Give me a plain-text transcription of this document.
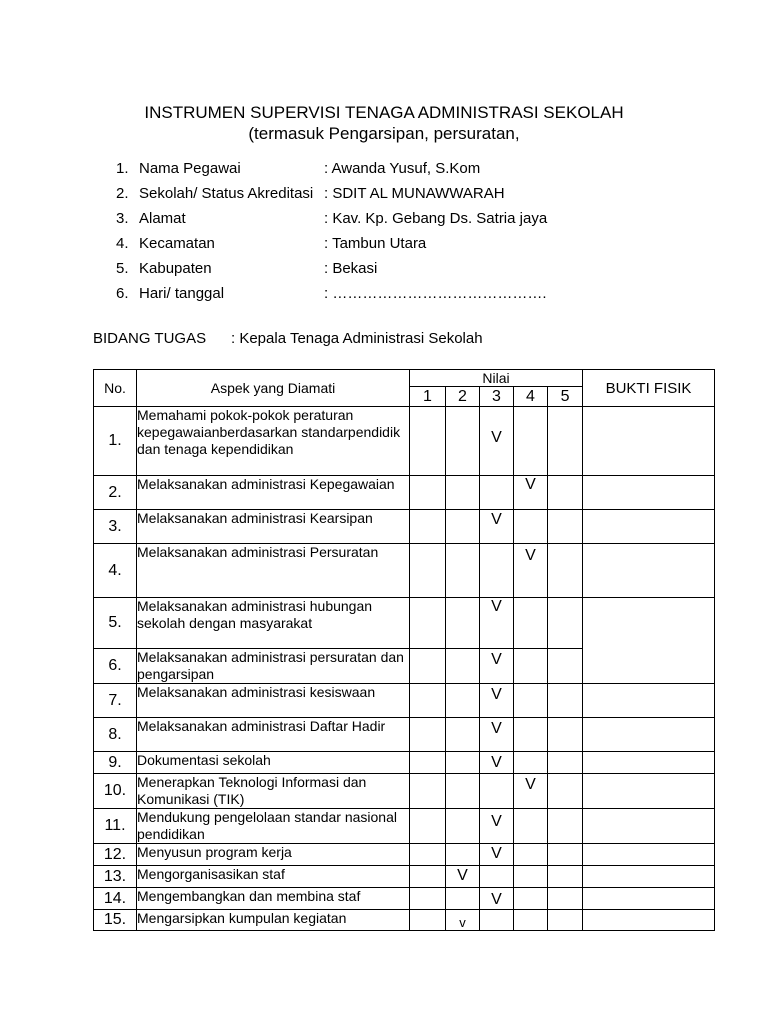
INSTRUMEN SUPERVISI TENAGA ADMINISTRASI SEKOLAH
(termasuk Pengarsipan, persuratan,
1. Nama Pegawai	: Awanda Yusuf, S.Kom
2. Sekolah/ Status Akreditasi : SDIT AL MUNAWWARAH
3. Alamat	: Kav. Kp. Gebang Ds. Satria jaya
4. Kecamatan	: Tambun Utara
5. Kabupaten	: Bekasi
6. Hari/ tanggal	: …………………………………….
BIDANG TUGAS : Kepala Tenaga Administrasi Sekolah
No.	Aspek yang Diamati	Nilai					BUKTI FISIK
		1	2	3	4	5	
1.	Memahami pokok-pokok peraturan kepegawaianberdasarkan standarpendidik dan tenaga kependidikan			V			
2.	Melaksanakan administrasi Kepegawaian				V		
3.	Melaksanakan administrasi Kearsipan			V			
4.	Melaksanakan administrasi Persuratan				V		
5.	Melaksanakan administrasi hubungan sekolah dengan masyarakat			V			
6.	Melaksanakan administrasi persuratan dan pengarsipan			V			
7.	Melaksanakan administrasi kesiswaan			V			
8.	Melaksanakan administrasi Daftar Hadir			V			
9.	Dokumentasi sekolah			V			
10.	Menerapkan Teknologi Informasi dan Komunikasi (TIK)				V		
11.	Mendukung pengelolaan standar nasional pendidikan			V			
12.	Menyusun program kerja			V			
13.	Mengorganisasikan staf		V				
14.	Mengembangkan dan membina staf			V			
15.	Mengarsipkan kumpulan kegiatan		v				
